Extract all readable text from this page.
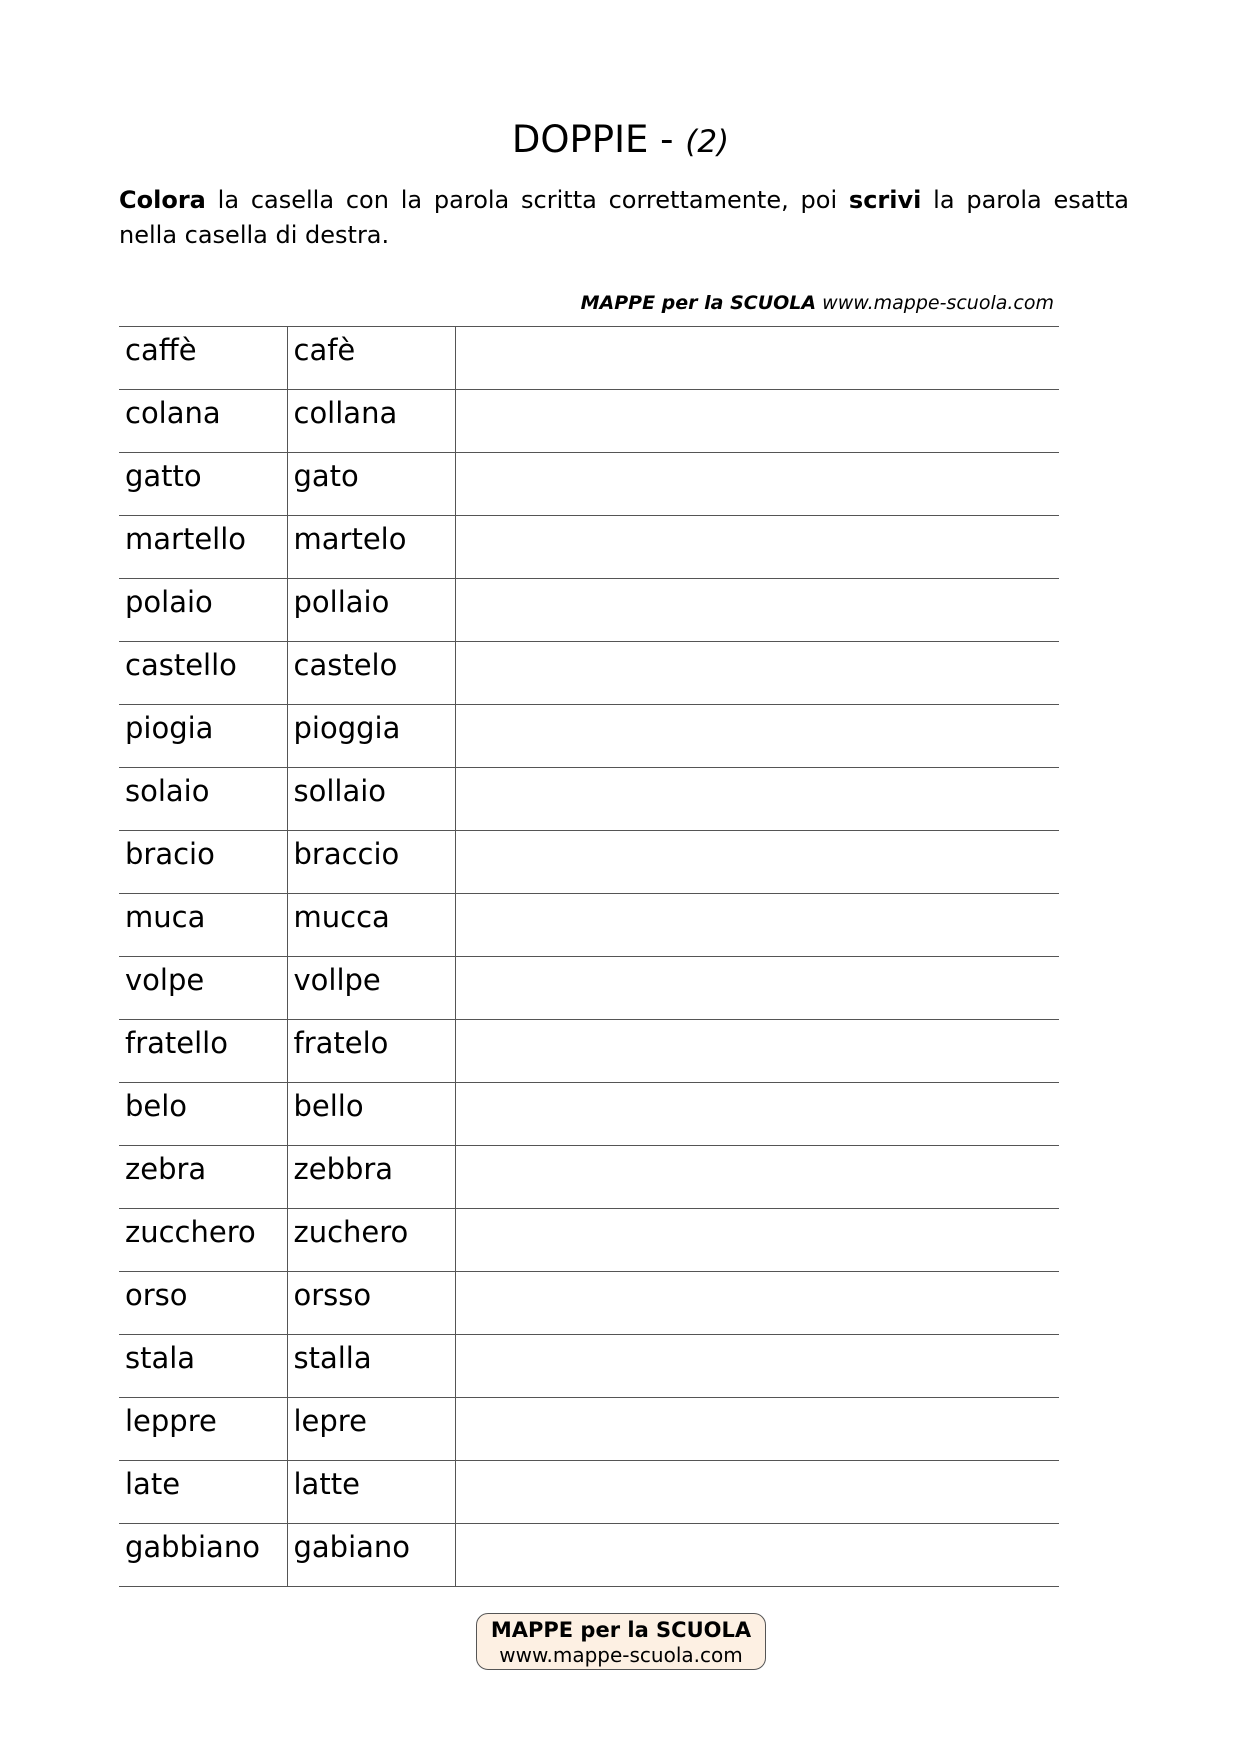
DOPPIE - (2)
Colora la casella con la parola scritta correttamente, poi scrivi la parola esatta nella casella di destra.
MAPPE per la SCUOLA www.mappe-scuola.com
caffè	cafè	
colana	collana	
gatto	gato	
martello	martelo	
polaio	pollaio	
castello	castelo	
piogia	pioggia	
solaio	sollaio	
bracio	braccio	
muca	mucca	
volpe	vollpe	
fratello	fratelo	
belo	bello	
zebra	zebbra	
zucchero	zuchero	
orso	orsso	
stala	stalla	
leppre	lepre	
late	latte	
gabbiano	gabiano	
MAPPE per la SCUOLA
www.mappe-scuola.com
